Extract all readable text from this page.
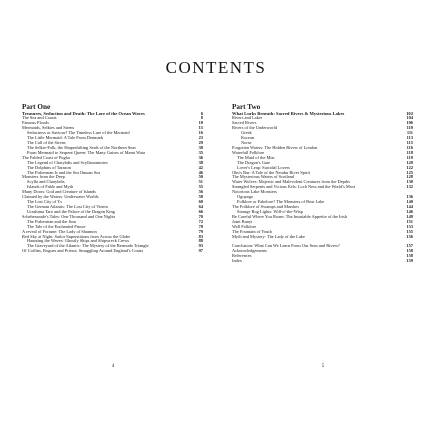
CONTENTS
Part One
Treasures, Seduction and Death: The Lore of the Ocean Waves	6
The Sea and Coasts	8
Famous Floods	10
Mermaids, Selkies and Sirens	15
Seductress or Saviour? The Timeless Lure of the Mermaid	16
The Little Mermaid: A Tale From Denmark	23
The Call of the Sirens	29
The Selkie-Folk, the Shapeshifting Seals of the Northern Seas	30
From Mermaid to Serpent Queen: The Many Guises of Mami Wata	35
The Fabled Coast of Pugha	36
The Legend of Charybdis and Scyllanonimies	38
The Dolphins of Tarazon	42
The Fisherman Is and the Sea Ilmuan Sea	46
Monsters from the Deep	50
Scylla and Charybdis	51
Islands of Fable and Myth	55
Many Doors: God and Creature of Islands	56
Claimed by the Waters: Underwater Worlds	58
The Lost City of Ys	60
The German Atlantis: The Lost City of Vineta	64
Urashima Taro and the Palace of the Dragon King	66
Scheherazade's Tales: One Thousand and One Nights	70
The Fisherman and the Jinn	72
The Tale of the Enchanted Prince	78
A reveal of Fortune: The Lady of Shannon	79
Red Sky at Night: Sailor Superstitions from Across the Globe	83
Haunting the Waves: Ghostly Ships and Shipwreck Crews	88
The Graveyard of the Atlantic: The Mystery of the Bermuda Triangle	93
Of Coffins, Rogues and Priests: Smuggling Around England's Coasts	97
Part Two
What Lurks Beneath: Sacred Rivers & Mysterious Lakes	102
Rivers and Lakes	104
Sacred Rivers	106
Rivers of the Underworld	110
Greek	111
Korean	113
Norse	115
Forgotten Waters: The Hidden Rivers of London	116
Waterfall Folklore	118
The Maid of the Mist	119
The Dragon's Gate	120
Lover's Leap: Suicidal Lovers	122
Ohu's Bar: A Tale of the Nerabu River Spirit	125
The Mysterious Waters of Scotland	128
Water Wolves: Majestic and Malevolent Creatures from the Depths	130
Strangled Serpents and Vicious Eels: Loch Ness and the World's Most	132
Notorious Lake Monsters
Ogopogo	136
Folklore or Fakelore? The Monsters of Bear Lake	140
The Folklore of Swamps and Marshes	144
Strange Bog Lights: Will-o'-the-Wisp	146
Be Careful Where You Roam: The Insatiable Appetite of the Irish	149
Joint Bunyi	151
Well Folklore	153
The Fountain of Youth	155
Myth and Mystery: The Lady of the Lake	156
Conclusion: What Can We Learn From Our Seas and Rivers?	157
Acknowledgements	158
References	158
Index	159
4	5
